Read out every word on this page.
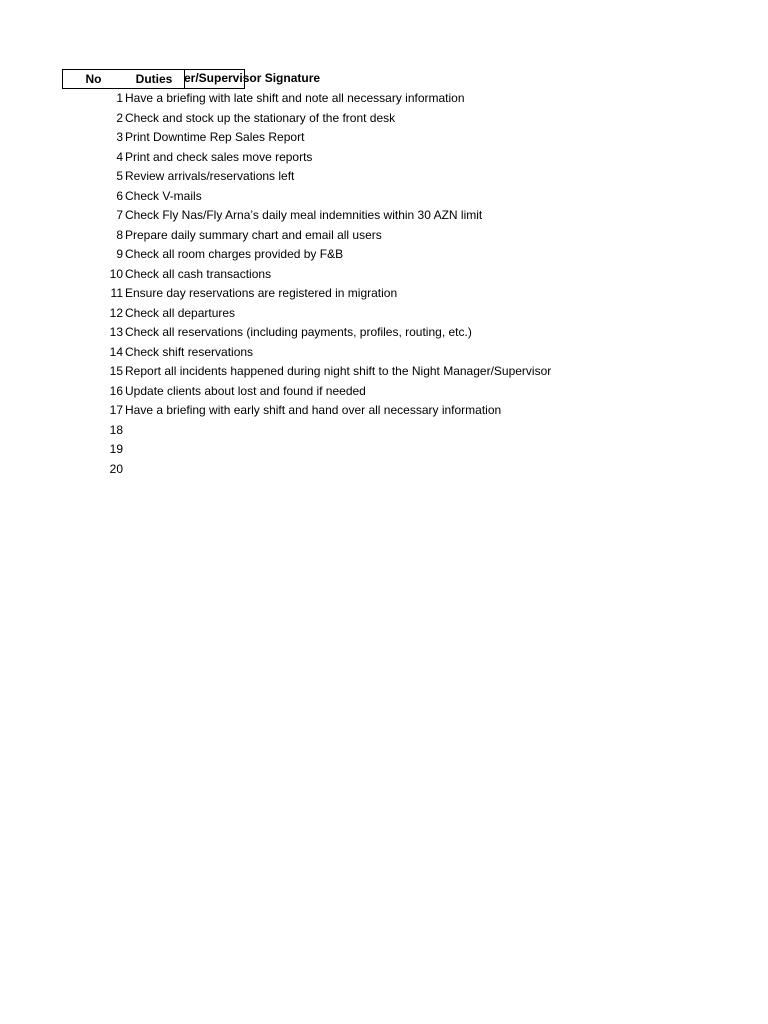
No	Duties er/Supervisor Signature
1 Have a briefing with late shift and note all necessary information
2 Check and stock up the stationary of the front desk
3 Print Downtime Rep Sales Report
4 Print and check sales move reports
5 Review arrivals/reservations left
6 Check V-mails
7 Check Fly Nas/Fly Arna’s daily meal indemnities within 30 AZN limit
8 Prepare daily summary chart and email all users
9 Check all room charges provided by F&B
10 Check all cash transactions
11 Ensure day reservations are registered in migration
12 Check all departures
13 Check all reservations (including payments, profiles, routing, etc.)
14 Check shift reservations
15 Report all incidents happened during night shift to the Night Manager/Supervisor
16 Update clients about lost and found if needed
17 Have a briefing with early shift and hand over all necessary information
18
19
20
